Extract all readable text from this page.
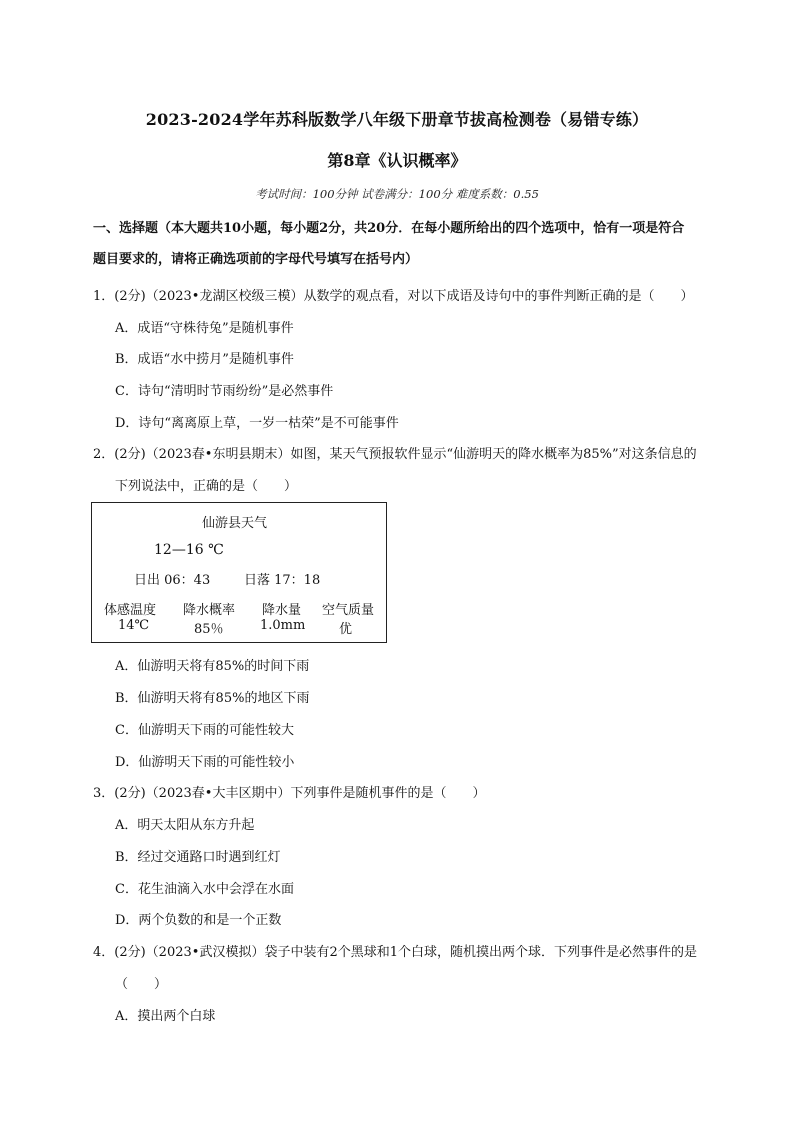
2023-2024学年苏科版数学八年级下册章节拔高检测卷（易错专练）
第8章《认识概率》
考试时间：100分钟 试卷满分：100分 难度系数：0.55
一、选择题（本大题共10小题，每小题2分，共20分．在每小题所给出的四个选项中，恰有一项是符合
题目要求的，请将正确选项前的字母代号填写在括号内）
1．(2分)（2023•龙湖区校级三模）从数学的观点看，对以下成语及诗句中的事件判断正确的是（　　）
A．成语“守株待兔”是随机事件
B．成语“水中捞月”是随机事件
C．诗句“清明时节雨纷纷”是必然事件
D．诗句“离离原上草，一岁一枯荣”是不可能事件
2．(2分)（2023春•东明县期末）如图，某天气预报软件显示“仙游明天的降水概率为85%”对这条信息的
下列说法中，正确的是（　　）
仙游县天气
12—16 ℃
日出 06：43	日落 17：18
体感温度 降水概率 降水量 空气质量
14℃	85％	1.0mm	优
A．仙游明天将有85%的时间下雨
B．仙游明天将有85%的地区下雨
C．仙游明天下雨的可能性较大
D．仙游明天下雨的可能性较小
3．(2分)（2023春•大丰区期中）下列事件是随机事件的是（　　）
A．明天太阳从东方升起
B．经过交通路口时遇到红灯
C．花生油滴入水中会浮在水面
D．两个负数的和是一个正数
4．(2分)（2023•武汉模拟）袋子中装有2个黑球和1个白球，随机摸出两个球．下列事件是必然事件的是
（　　）
A．摸出两个白球
